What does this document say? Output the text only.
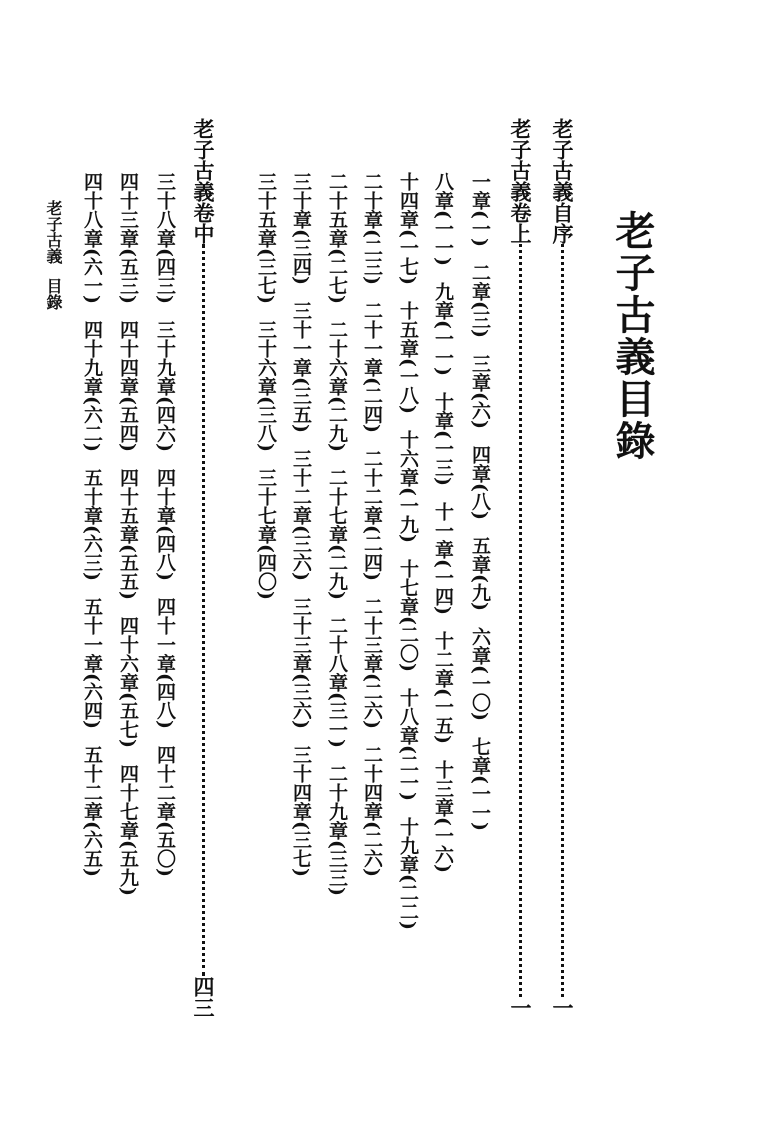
老子古義目錄
老子古義自序
一
老子古義卷上
一
老子古義卷中
四三
一章(一)二章(三)三章(六)四章(八)五章(九)六章(一〇)七章(一一)
八章(一一)九章(一一)十章(一三)十一章(一四)十二章(一五)十三章(一六)
十四章(一七)十五章(一八)十六章(一九)十七章(二〇)十八章(二一)十九章(二二)
二十章(二三)二十一章(二四)二十二章(二四)二十三章(二六)二十四章(二六)
二十五章(二七)二十六章(二九)二十七章(二九)二十八章(三一)二十九章(三三)
三十章(三四)三十一章(三五)三十二章(三六)三十三章(三六)三十四章(三七)
三十五章(三七)三十六章(三八)三十七章(四〇)
三十八章(四三)三十九章(四六)四十章(四八)四十一章(四八)四十二章(五〇)
四十三章(五三)四十四章(五四)四十五章(五五)四十六章(五七)四十七章(五九)
四十八章(六一)四十九章(六二)五十章(六三)五十一章(六四)五十二章(六五)
老子古義目錄
